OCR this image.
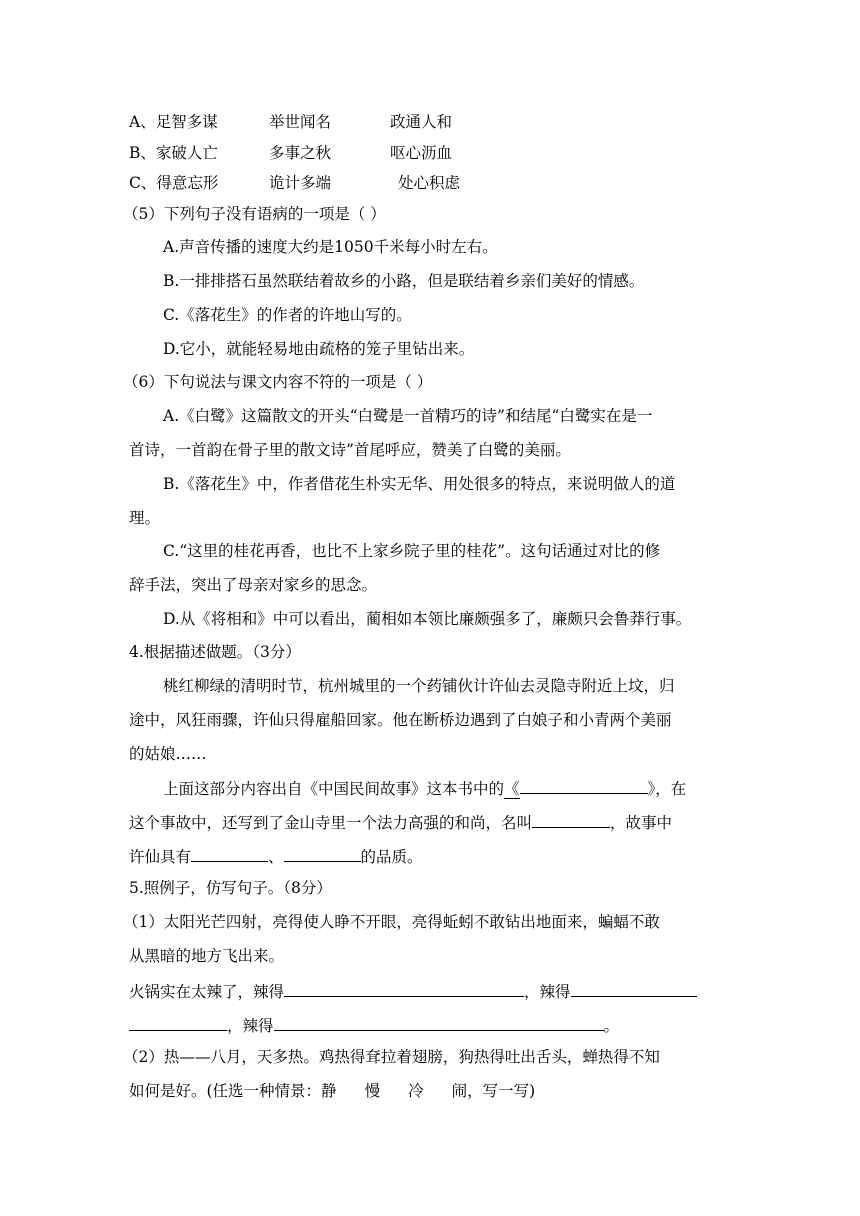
A、足智多谋	举世闻名	政通人和
B、家破人亡	多事之秋	呕心沥血
C、得意忘形	诡计多端	处心积虑
（5）下列句子没有语病的一项是（ ）
A.声音传播的速度大约是1050千米每小时左右。
B.一排排搭石虽然联结着故乡的小路，但是联结着乡亲们美好的情感。
C.《落花生》的作者的许地山写的。
D.它小，就能轻易地由疏格的笼子里钻出来。
（6）下句说法与课文内容不符的一项是（ ）
A.《白鹭》这篇散文的开头“白鹭是一首精巧的诗”和结尾“白鹭实在是一
首诗，一首韵在骨子里的散文诗”首尾呼应，赞美了白鹭的美丽。
B.《落花生》中，作者借花生朴实无华、用处很多的特点，来说明做人的道
理。
C.“这里的桂花再香，也比不上家乡院子里的桂花”。这句话通过对比的修
辞手法，突出了母亲对家乡的思念。
D.从《将相和》中可以看出，蔺相如本领比廉颇强多了，廉颇只会鲁莽行事。
4.根据描述做题。（3分）
桃红柳绿的清明时节，杭州城里的一个药铺伙计许仙去灵隐寺附近上坟，归
途中，风狂雨骤，许仙只得雇船回家。他在断桥边遇到了白娘子和小青两个美丽
的姑娘……
上面这部分内容出自《中国民间故事》这本书中的《	》，在
这个事故中，还写到了金山寺里一个法力高强的和尚，名叫	，故事中
许仙具有	、	的品质。
5.照例子，仿写句子。（8分）
（1）太阳光芒四射，亮得使人睁不开眼，亮得蚯蚓不敢钻出地面来，蝙蝠不敢
从黑暗的地方飞出来。
火锅实在太辣了，辣得	，辣得
，辣得	。
（2）热——八月，天多热。鸡热得耷拉着翅膀，狗热得吐出舌头，蝉热得不知
如何是好。(任选一种情景：静 慢 冷 闹，写一写)
